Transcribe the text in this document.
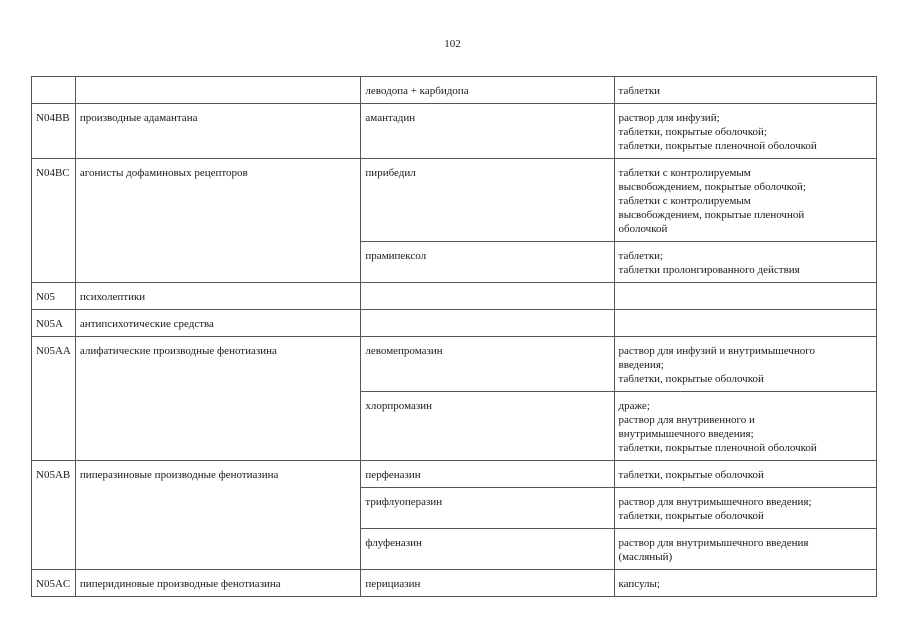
102
		леводопа + карбидопа	таблетки
N04BB	производные адамантана	амантадин	раствор для инфузий;
таблетки, покрытые оболочкой;
таблетки, покрытые пленочной оболочкой
N04BC	агонисты дофаминовых рецепторов	пирибедил	таблетки с контролируемым
высвобождением, покрытые оболочкой;
таблетки с контролируемым
высвобождением, покрытые пленочной
оболочкой
		прамипексол	таблетки;
таблетки пролонгированного действия
N05	психолептики		
N05A	антипсихотические средства		
N05AA	алифатические производные фенотиазина	левомепромазин	раствор для инфузий и внутримышечного
введения;
таблетки, покрытые оболочкой
		хлорпромазин	драже;
раствор для внутривенного и
внутримышечного введения;
таблетки, покрытые пленочной оболочкой
N05AB	пиперазиновые производные фенотиазина	перфеназин	таблетки, покрытые оболочкой
		трифлуоперазин	раствор для внутримышечного введения;
таблетки, покрытые оболочкой
		флуфеназин	раствор для внутримышечного введения
(масляный)
N05AC	пиперидиновые производные фенотиазина	перициазин	капсулы;
